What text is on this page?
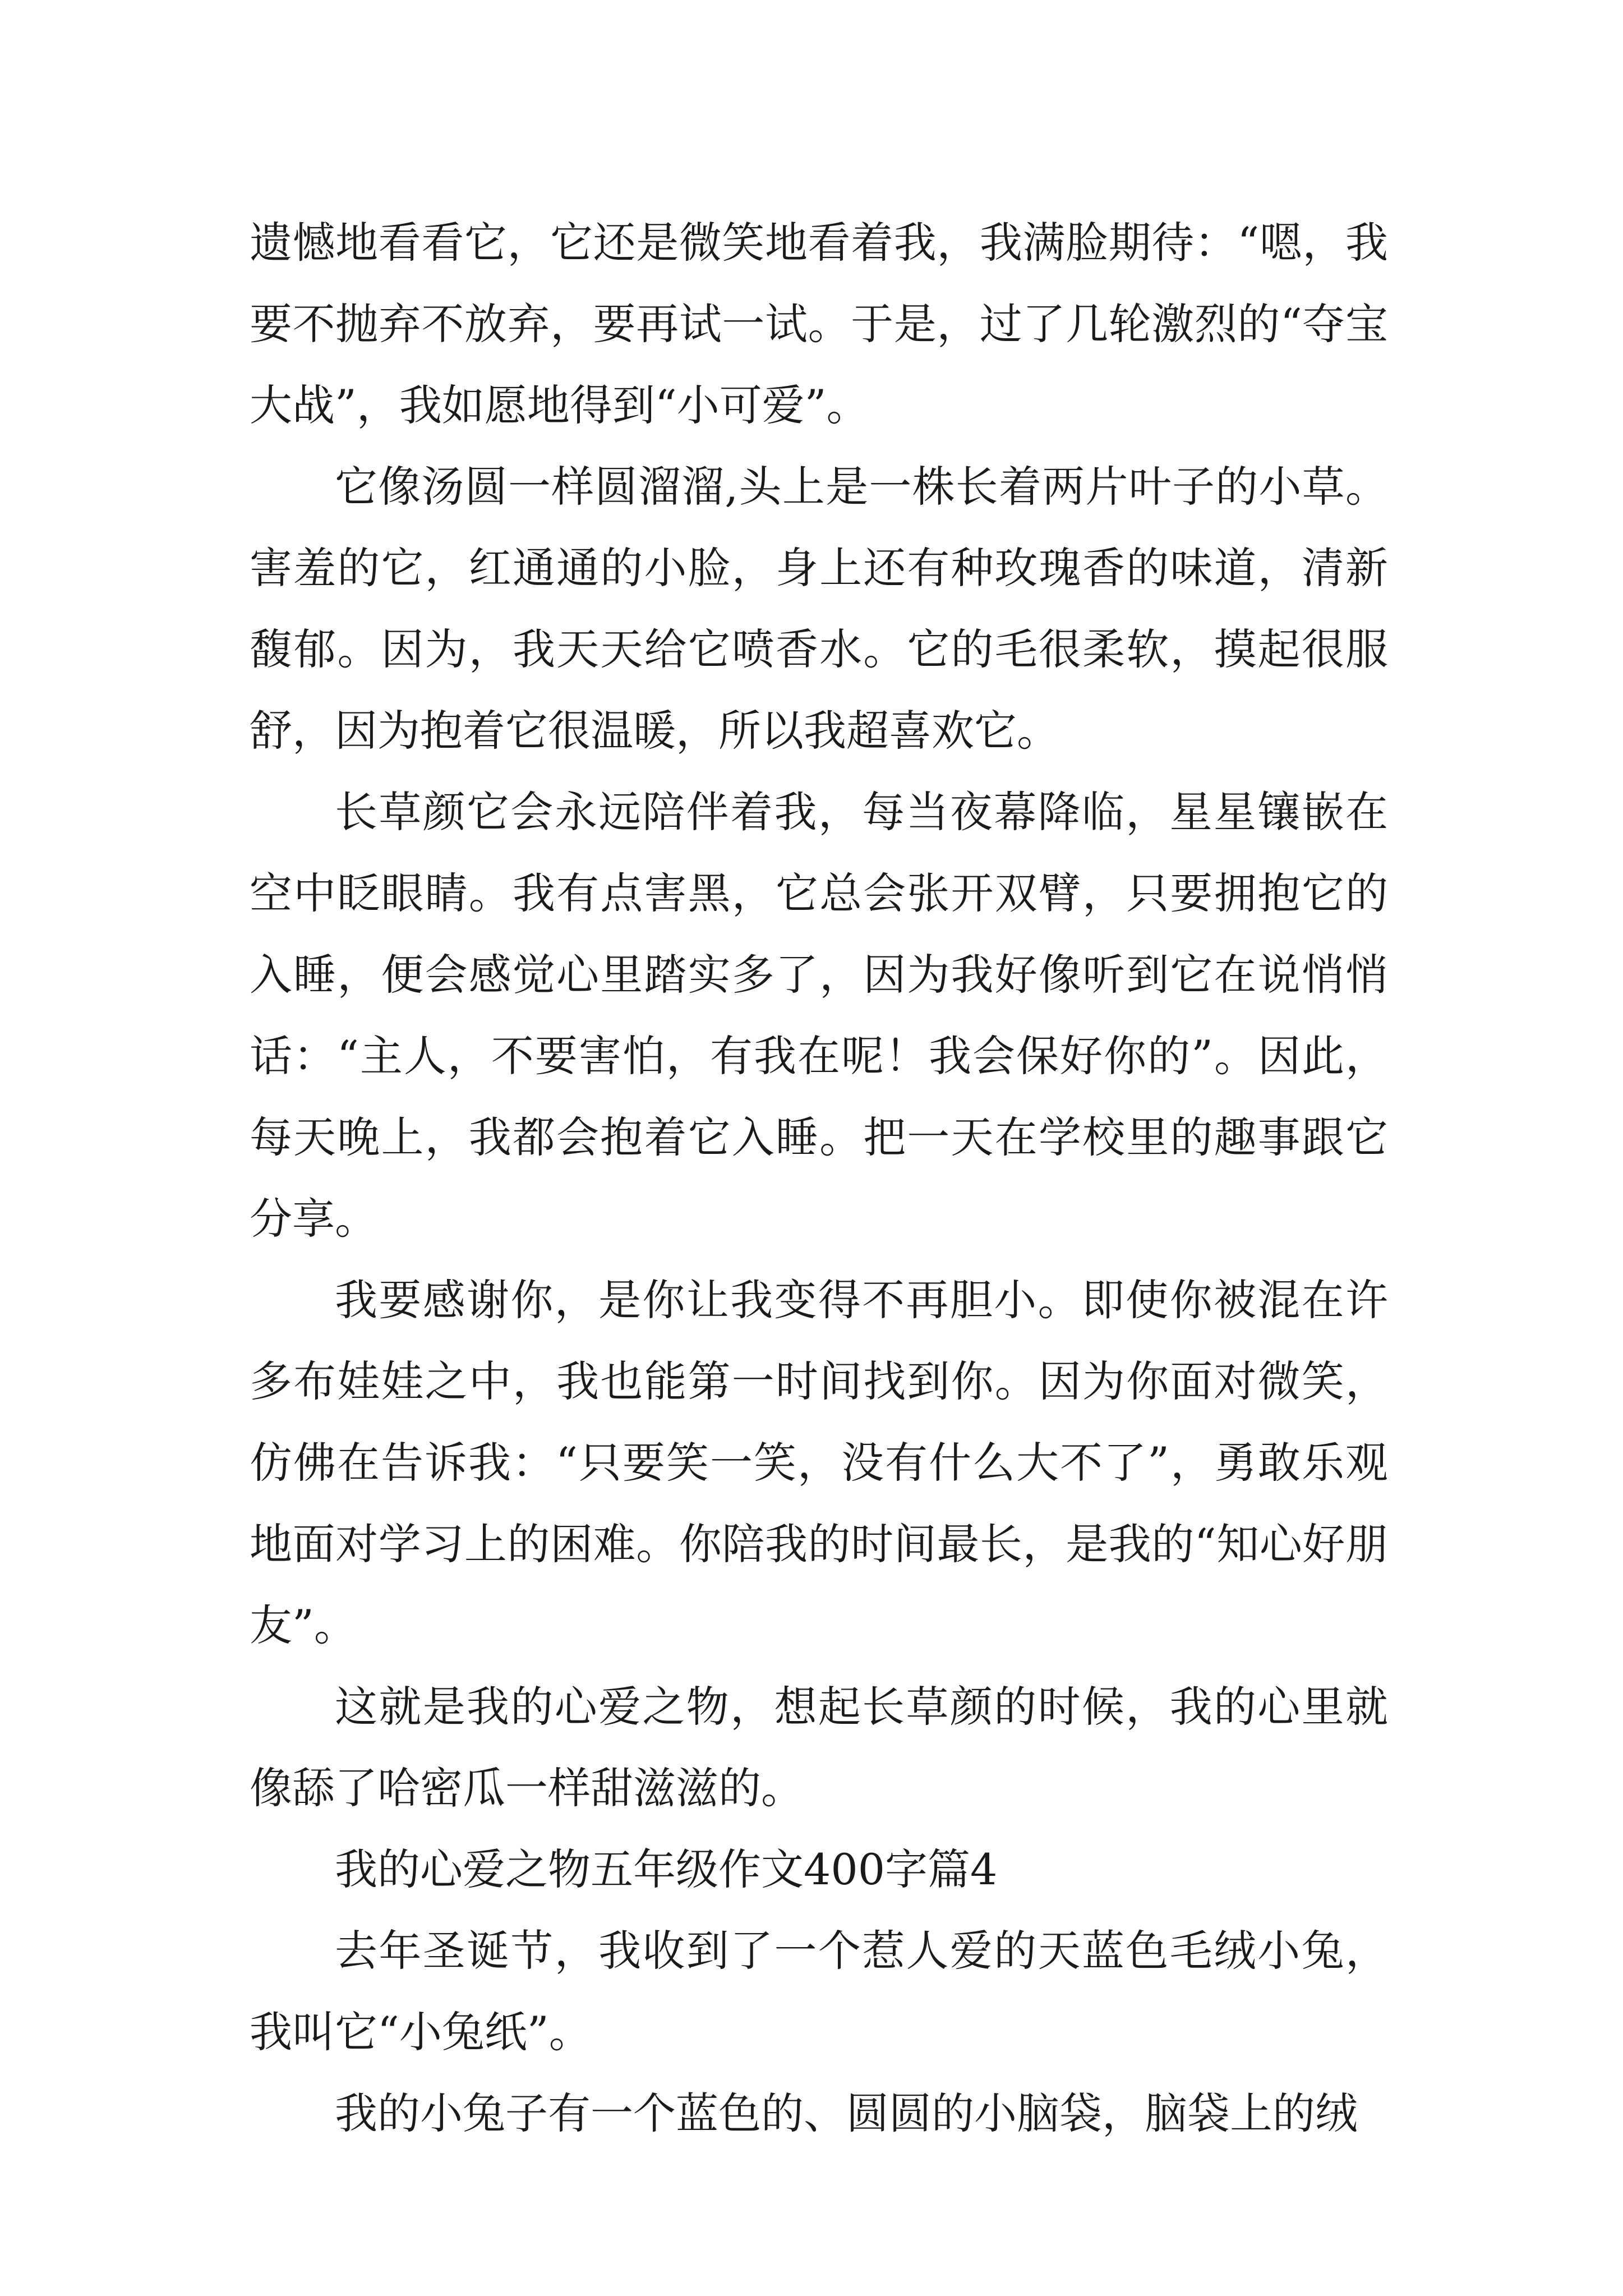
遗憾地看看它，它还是微笑地看着我，我满脸期待：“嗯，我要不抛弃不放弃，要再试一试。于是，过了几轮激烈的“夺宝大战”，我如愿地得到“小可爱”。

它像汤圆一样圆溜溜,头上是一株长着两片叶子的小草。害羞的它，红通通的小脸，身上还有种玫瑰香的味道，清新馥郁。因为，我天天给它喷香水。它的毛很柔软，摸起很服舒，因为抱着它很温暖，所以我超喜欢它。

长草颜它会永远陪伴着我，每当夜幕降临，星星镶嵌在空中眨眼睛。我有点害黑，它总会张开双臂，只要拥抱它的入睡，便会感觉心里踏实多了，因为我好像听到它在说悄悄话：“主人，不要害怕，有我在呢！我会保好你的”。因此，每天晚上，我都会抱着它入睡。把一天在学校里的趣事跟它分享。

我要感谢你，是你让我变得不再胆小。即使你被混在许多布娃娃之中，我也能第一时间找到你。因为你面对微笑，仿佛在告诉我：“只要笑一笑，没有什么大不了”，勇敢乐观地面对学习上的困难。你陪我的时间最长，是我的“知心好朋友”。

这就是我的心爱之物，想起长草颜的时候，我的心里就像舔了哈密瓜一样甜滋滋的。

我的心爱之物五年级作文400字篇4

去年圣诞节，我收到了一个惹人爱的天蓝色毛绒小兔，我叫它“小兔纸”。

我的小兔子有一个蓝色的、圆圆的小脑袋，脑袋上的绒
